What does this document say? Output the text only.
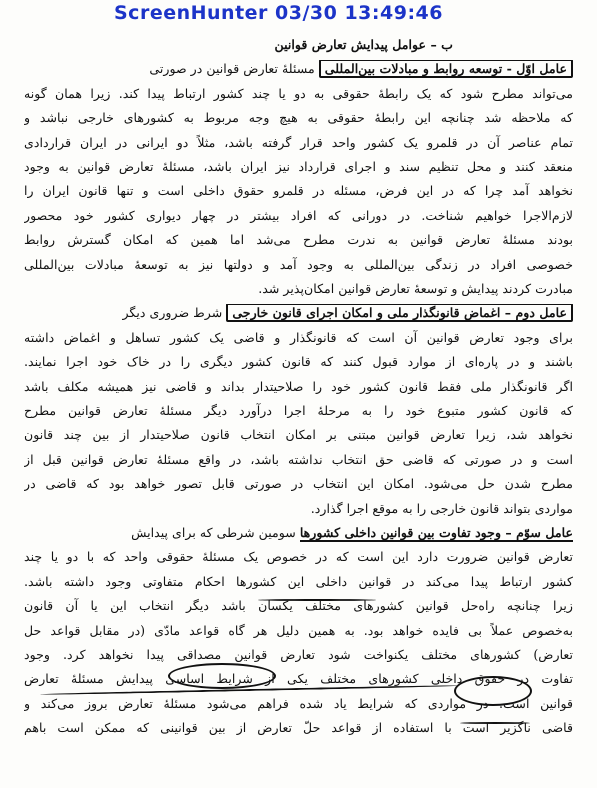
ScreenHunter 03/30 13:49:46
ب – عوامل پیدایش تعارض قوانین
عامل اوّل - توسعه روابط و مبادلات بین‌المللی مسئلهٔ تعارض قوانین در صورتی
می‌تواند مطرح شود که یک رابطهٔ حقوقی به دو یا چند کشور ارتباط پیدا کند. زیرا همان گونه
که ملاحظه شد چنانچه این رابطهٔ حقوقی به هیچ وجه مربوط به کشورهای خارجی نباشد و
تمام عناصر آن در قلمرو یک کشور واحد قرار گرفته باشد، مثلاً دو ایرانی در ایران قراردادی
منعقد کنند و محل تنظیم سند و اجرای قرارداد نیز ایران باشد، مسئلهٔ تعارض قوانین به وجود
نخواهد آمد چرا که در این فرض، مسئله در قلمرو حقوق داخلی است و تنها قانون ایران را
لازم‌الاجرا خواهیم شناخت. در دورانی که افراد بیشتر در چهار دیواری کشور خود محصور
بودند مسئلهٔ تعارض قوانین به ندرت مطرح می‌شد اما همین که امکان گسترش روابط
خصوصی افراد در زندگی بین‌المللی به وجود آمد و دولتها نیز به توسعهٔ مبادلات بین‌المللی
مبادرت کردند پیدایش و توسعهٔ تعارض قوانین امکان‌پذیر شد.
عامل دوم – اغماض قانونگذار ملی و امکان اجرای قانون خارجی شرط ضروری دیگر
برای وجود تعارض قوانین آن است که قانونگذار و قاضی یک کشور تساهل و اغماض داشته
باشند و در پاره‌ای از موارد قبول کنند که قانون کشور دیگری را در خاک خود اجرا نمایند.
اگر قانونگذار ملی فقط قانون کشور خود را صلاحیتدار بداند و قاضی نیز همیشه مکلف باشد
که قانون کشور متبوع خود را به مرحلهٔ اجرا درآورد دیگر مسئلهٔ تعارض قوانین مطرح
نخواهد شد، زیرا تعارض قوانین مبتنی بر امکان انتخاب قانون صلاحیتدار از بین چند قانون
است و در صورتی که قاضی حق انتخاب نداشته باشد، در واقع مسئلهٔ تعارض قوانین قبل از
مطرح شدن حل می‌شود. امکان این انتخاب در صورتی قابل تصور خواهد بود که قاضی در
مواردی بتواند قانون خارجی را به موقع اجرا گذارد.
عامل سوّم – وجود تفاوت بین قوانین داخلی کشورها سومین شرطی که برای پیدایش
تعارض قوانین ضرورت دارد این است که در خصوص یک مسئلهٔ حقوقی واحد که با دو یا چند
کشور ارتباط پیدا می‌کند در قوانین داخلی این کشورها احکام متفاوتی وجود داشته باشد.
زیرا چنانچه راه‌حل قوانین کشورهای مختلف یکسان باشد دیگر انتخاب این یا آن قانون
به‌خصوص عملاً بی فایده خواهد بود. به همین دلیل هر گاه قواعد مادّی (در مقابل قواعد حل
تعارض) کشورهای مختلف یکنواخت شود تعارض قوانین مصداقی پیدا نخواهد کرد. وجود
تفاوت در حقوق داخلی کشورهای مختلف یکی از شرایط اساسی پیدایش مسئلهٔ تعارض
قوانین است. در مواردی که شرایط یاد شده فراهم می‌شود مسئلهٔ تعارض بروز می‌کند و
قاضی ناگزیر است با استفاده از قواعد حلّ تعارض از بین قوانینی که ممکن است باهم
